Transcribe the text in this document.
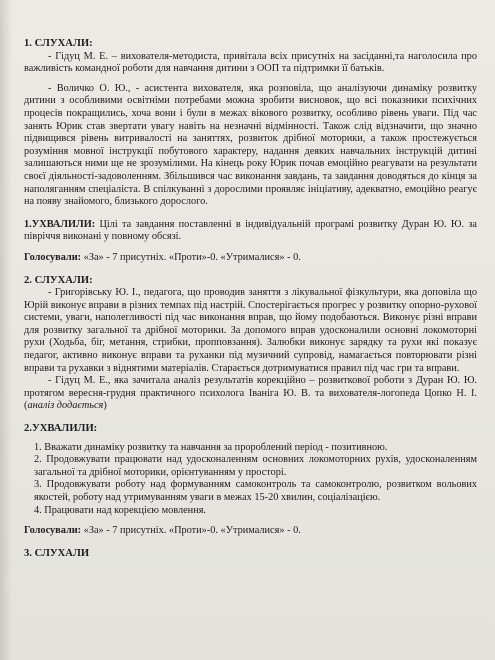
1. СЛУХАЛИ:

- Гідуц М. Е. – вихователя-методиста, привітала всіх присутніх на засіданні,та наголосила про важливість командної роботи для навчання дитини з ООП та підтримки її батьків.

- Воличко О. Ю., - асистента вихователя, яка розповіла, що аналізуючи динаміку розвитку дитини з особливими освітніми потребами можна зробити висновок, що всі показники психічних процесів покращились, хоча вони і були в межах вікового розвитку, особливо рівень уваги. Під час занять Юрик став звертати увагу навіть на незначні відмінності. Також слід відзначити, що значно підвищився рівень витривалості на заняттях, розвиток дрібної моторики, а також простежується розуміння мовної інструкції побутового характеру, надання деяких навчальних інструкцій дитині залишаються ними ще не зрозумілими. На кінець року Юрик почав емоційно реагувати на результати своєї діяльності-задоволенням. Збільшився час виконання завдань, та завдання доводяться до кінця за наполяганням спеціаліста. В спілкуванні з дорослими проявляє ініціативу, адекватно, емоційно реагує на появу знайомого, близького дорослого.

1.УХВАЛИЛИ: Цілі та завдання поставленні в індивідуальній програмі розвитку Дуран Ю. Ю. за півріччя виконані у повному обсязі.

Голосували: «За» - 7 присутніх. «Проти»-0. «Утрималися» - 0.

2. СЛУХАЛИ:

- Григорівську Ю. І., педагога, що проводив заняття з лікувальної фізкультури, яка доповіла що Юрій виконує вправи в різних темпах під настрій. Спостерігається прогрес у розвитку опорно-рухової системи, уваги, наполегливості під час виконання вправ, що йому подобаються. Виконує різні вправи для розвитку загальної та дрібної моторики. За допомого вправ удосконалили основні локомоторні рухи (Ходьба, біг, метання, стрибки, пропповзання). Залюбки виконує зарядку та рухи які показує педагог, активно виконує вправи та руханки під музичний супровід, намагається повторювати різні вправи та рухавки з віднятими матеріалів. Старається дотримуватися правил під час гри та вправи.

- Гідуц М. Е., яка зачитала аналіз результатів корекційно – розвиткової роботи з Дуран Ю. Ю. протягом вересня-грудня практичного психолога Іванігa Ю. В. та вихователя-логопеда Цопко Н. І.(аналіз додається)

2.УХВАЛИЛИ:

1. Вважати динаміку розвитку та навчання за пророблений період - позитивною.
2. Продовжувати працювати над удосконаленням основних локомоторних рухів, удосконаленням загальної та дрібної моторики, орієнтуванням у просторі.
3. Продовжувати роботу над формуванням самоконтроль та самоконтролю, розвитком вольових якостей, роботу над утримуванням уваги в межах 15-20 хвилин, соціалізацією.
4. Працювати над корекцією мовлення.

Голосували: «За» - 7 присутніх. «Проти»-0. «Утрималися» - 0.

3. СЛУХАЛИ
